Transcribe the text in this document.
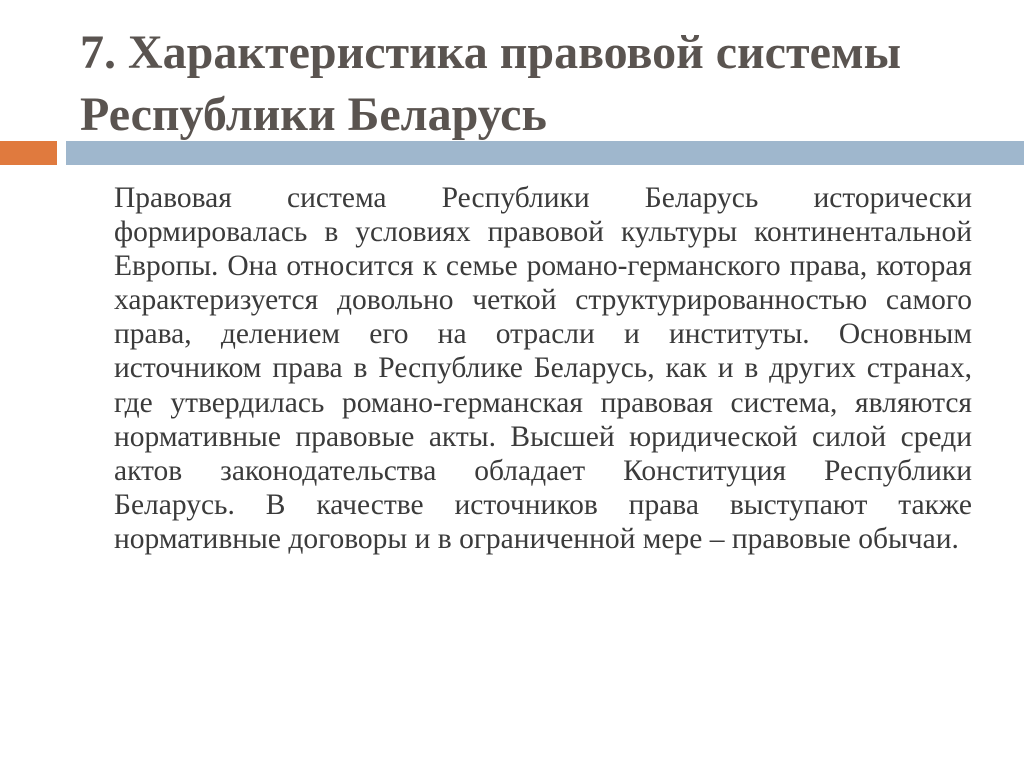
7. Характеристика правовой системы Республики Беларусь

Правовая система Республики Беларусь исторически формировалась в условиях правовой культуры континентальной Европы. Она относится к семье романо-германского права, которая характеризуется довольно четкой структурированностью самого права, делением его на отрасли и институты. Основным источником права в Республике Беларусь, как и в других странах, где утвердилась романо-германская правовая система, являются нормативные правовые акты. Высшей юридической силой среди актов законодательства обладает Конституция Республики Беларусь. В качестве источников права выступают также нормативные договоры и в ограниченной мере – правовые обычаи.
